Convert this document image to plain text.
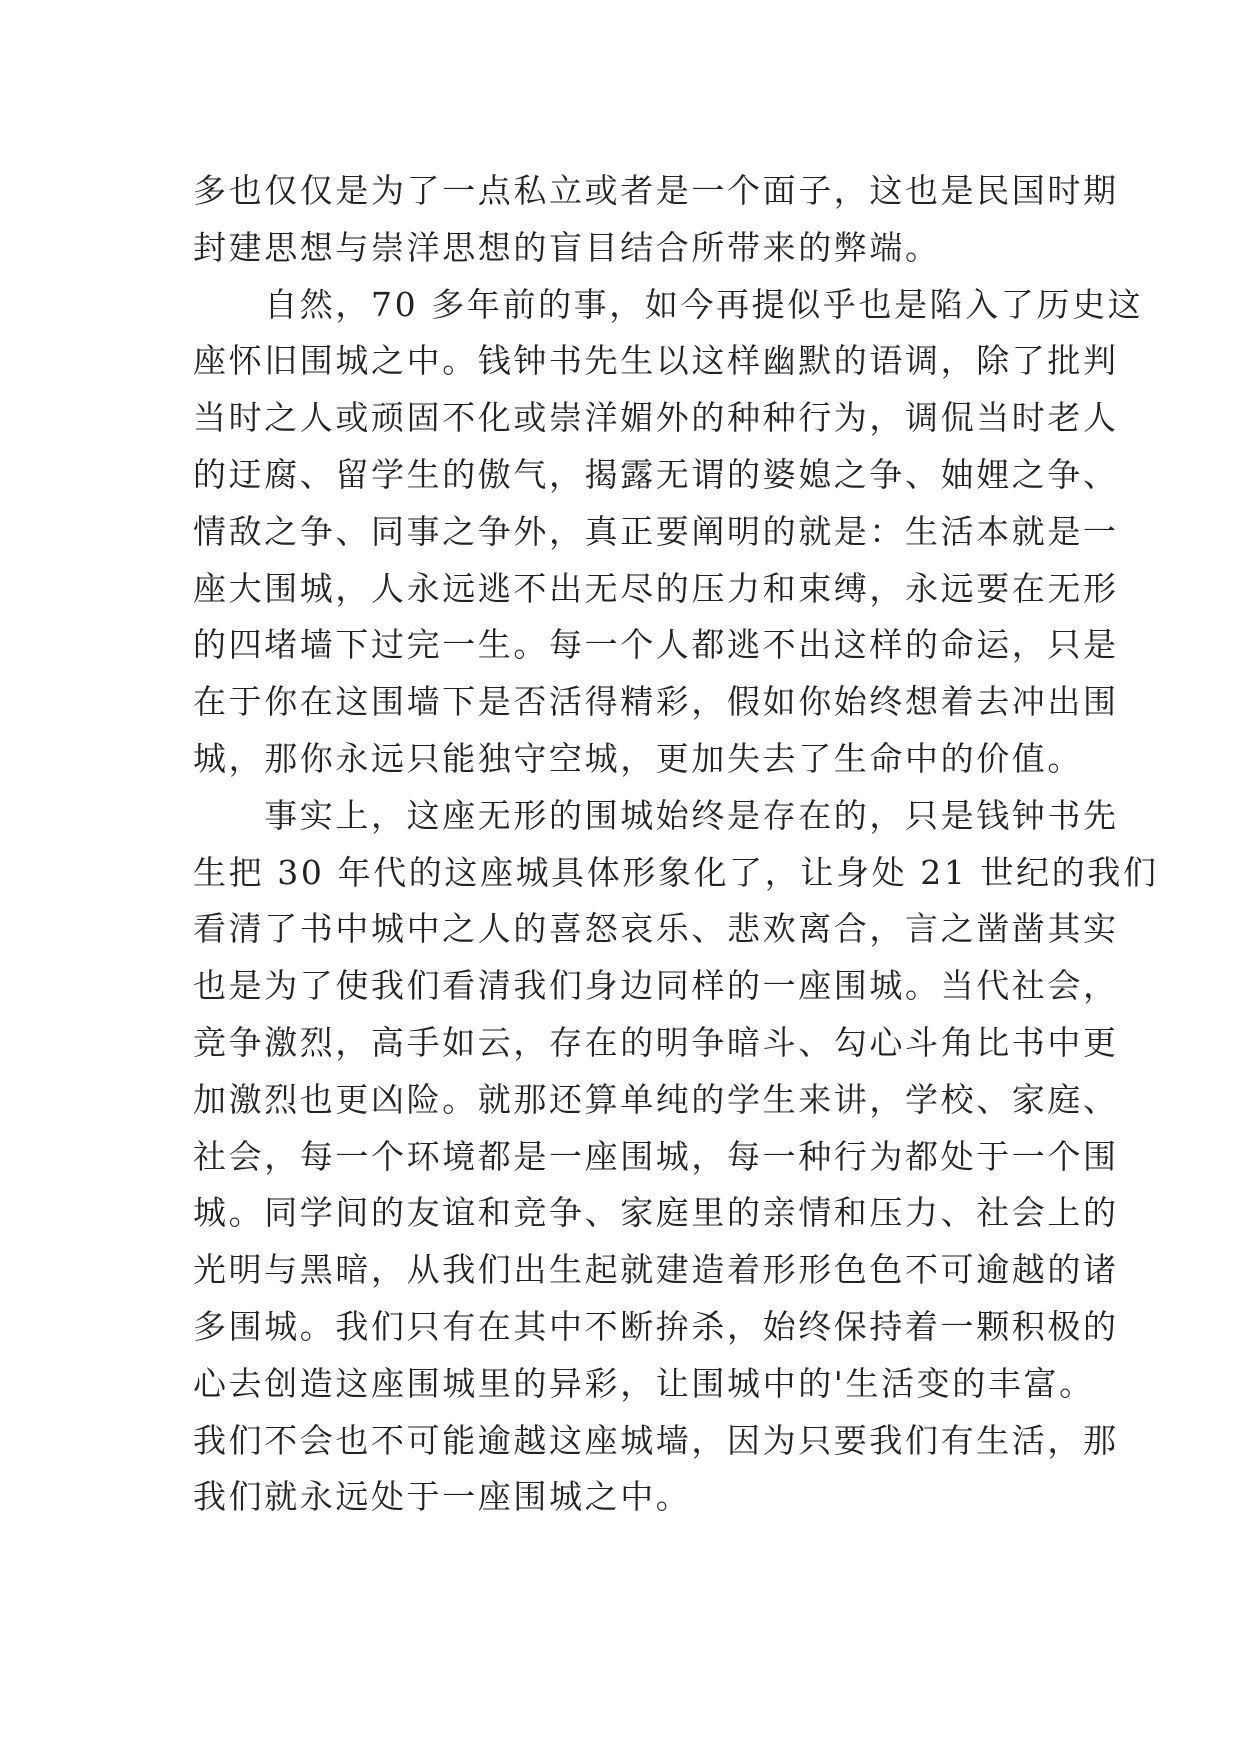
多也仅仅是为了一点私立或者是一个面子，这也是民国时期
封建思想与崇洋思想的盲目结合所带来的弊端。
　　自然，70 多年前的事，如今再提似乎也是陷入了历史这
座怀旧围城之中。钱钟书先生以这样幽默的语调，除了批判
当时之人或顽固不化或崇洋媚外的种种行为，调侃当时老人
的迂腐、留学生的傲气，揭露无谓的婆媳之争、妯娌之争、
情敌之争、同事之争外，真正要阐明的就是：生活本就是一
座大围城，人永远逃不出无尽的压力和束缚，永远要在无形
的四堵墙下过完一生。每一个人都逃不出这样的命运，只是
在于你在这围墙下是否活得精彩，假如你始终想着去冲出围
城，那你永远只能独守空城，更加失去了生命中的价值。
　　事实上，这座无形的围城始终是存在的，只是钱钟书先
生把 30 年代的这座城具体形象化了，让身处 21 世纪的我们
看清了书中城中之人的喜怒哀乐、悲欢离合，言之凿凿其实
也是为了使我们看清我们身边同样的一座围城。当代社会，
竞争激烈，高手如云，存在的明争暗斗、勾心斗角比书中更
加激烈也更凶险。就那还算单纯的学生来讲，学校、家庭、
社会，每一个环境都是一座围城，每一种行为都处于一个围
城。同学间的友谊和竞争、家庭里的亲情和压力、社会上的
光明与黑暗，从我们出生起就建造着形形色色不可逾越的诸
多围城。我们只有在其中不断拚杀，始终保持着一颗积极的
心去创造这座围城里的异彩，让围城中的'生活变的丰富。
我们不会也不可能逾越这座城墙，因为只要我们有生活，那
我们就永远处于一座围城之中。
